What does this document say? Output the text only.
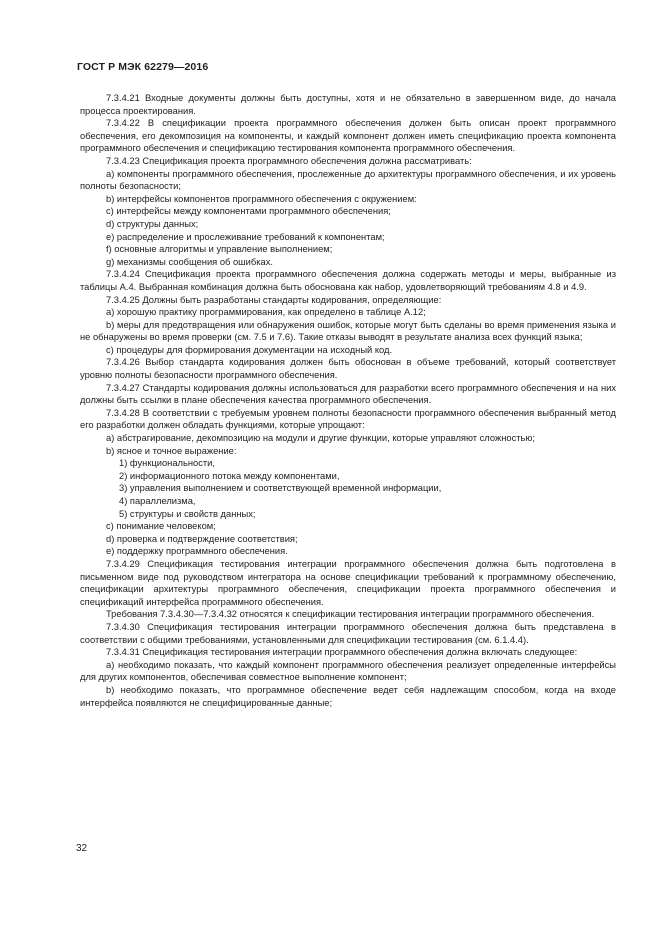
ГОСТ Р МЭК 62279—2016

7.3.4.21 Входные документы должны быть доступны, хотя и не обязательно в завершенном виде, до начала процесса проектирования.

7.3.4.22 В спецификации проекта программного обеспечения должен быть описан проект программного обеспечения, его декомпозиция на компоненты, и каждый компонент должен иметь спецификацию проекта компонента программного обеспечения и спецификацию тестирования компонента программного обеспечения.

7.3.4.23 Спецификация проекта программного обеспечения должна рассматривать:

а) компоненты программного обеспечения, прослеженные до архитектуры программного обеспечения, и их уровень полноты безопасности;

b) интерфейсы компонентов программного обеспечения с окружением:

c) интерфейсы между компонентами программного обеспечения;

d) структуры данных;

e) распределение и прослеживание требований к компонентам;

f) основные алгоритмы и управление выполнением;

g) механизмы сообщения об ошибках.

7.3.4.24 Спецификация проекта программного обеспечения должна содержать методы и меры, выбранные из таблицы А.4. Выбранная комбинация должна быть обоснована как набор, удовлетворяющий требованиям 4.8 и 4.9.

7.3.4.25 Должны быть разработаны стандарты кодирования, определяющие:

а) хорошую практику программирования, как определено в таблице А.12;

b) меры для предотвращения или обнаружения ошибок, которые могут быть сделаны во время применения языка и не обнаружены во время проверки (см. 7.5 и 7.6). Такие отказы выводят в результате анализа всех функций языка;

c) процедуры для формирования документации на исходный код.

7.3.4.26 Выбор стандарта кодирования должен быть обоснован в объеме требований, который соответствует уровню полноты безопасности программного обеспечения.

7.3.4.27 Стандарты кодирования должны использоваться для разработки всего программного обеспечения и на них должны быть ссылки в плане обеспечения качества программного обеспечения.

7.3.4.28 В соответствии с требуемым уровнем полноты безопасности программного обеспечения выбранный метод его разработки должен обладать функциями, которые упрощают:

а) абстрагирование, декомпозицию на модули и другие функции, которые управляют сложностью;

b) ясное и точное выражение:

1) функциональности,

2) информационного потока между компонентами,

3) управления выполнением и соответствующей временной информации,

4) параллелизма,

5) структуры и свойств данных;

c) понимание человеком;

d) проверка и подтверждение соответствия;

e) поддержку программного обеспечения.

7.3.4.29 Спецификация тестирования интеграции программного обеспечения должна быть подготовлена в письменном виде под руководством интегратора на основе спецификации требований к программному обеспечению, спецификации архитектуры программного обеспечения, спецификации проекта программного обеспечения и спецификаций интерфейса программного обеспечения.

Требования 7.3.4.30—7.3.4.32 относятся к спецификации тестирования интеграции программного обеспечения.

7.3.4.30 Спецификация тестирования интеграции программного обеспечения должна быть представлена в соответствии с общими требованиями, установленными для спецификации тестирования (см. 6.1.4.4).

7.3.4.31 Спецификация тестирования интеграции программного обеспечения должна включать следующее:

а) необходимо показать, что каждый компонент программного обеспечения реализует определенные интерфейсы для других компонентов, обеспечивая совместное выполнение компонент;

b) необходимо показать, что программное обеспечение ведет себя надлежащим способом, когда на входе интерфейса появляются не специфицированные данные;

32
